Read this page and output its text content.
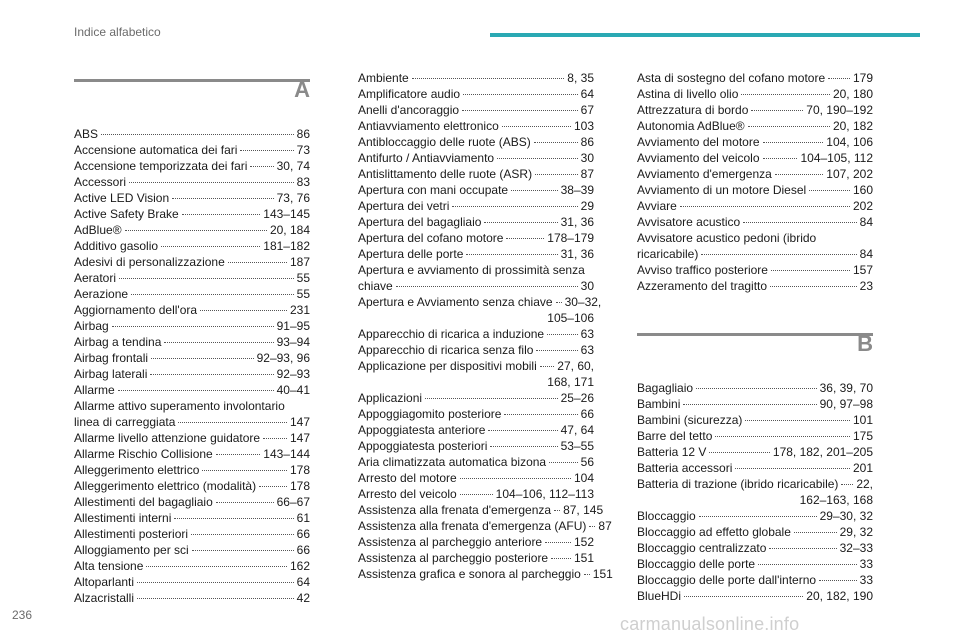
Indice alfabetico
A
ABS	86
Accensione automatica dei fari	73
Accensione temporizzata dei fari 30, 74
Accessori	83
Active LED Vision	73, 76
Active Safety Brake	143–145
AdBlue®	20, 184
Additivo gasolio	181–182
Adesivi di personalizzazione	187
Aeratori	55
Aerazione	55
Aggiornamento dell'ora	231
Airbag	91–95
Airbag a tendina	93–94
Airbag frontali	92–93, 96
Airbag laterali	92–93
Allarme	40–41
Allarme attivo superamento involontario
linea di carreggiata	147
Allarme livello attenzione guidatore 147
Allarme Rischio Collisione	143–144
Alleggerimento elettrico	178
Alleggerimento elettrico (modalità)	178
Allestimenti del bagagliaio	66–67
Allestimenti interni	61
Allestimenti posteriori	66
Alloggiamento per sci	66
Alta tensione	162
Altoparlanti	64
Alzacristalli	42
Ambiente	8, 35
Amplificatore audio	64
Anelli d'ancoraggio	67
Antiavviamento elettronico	103
Antibloccaggio delle ruote (ABS)	86
Antifurto / Antiavviamento	30
Antislittamento delle ruote (ASR)	87
Apertura con mani occupate	38–39
Apertura dei vetri	29
Apertura del bagagliaio	31, 36
Apertura del cofano motore	178–179
Apertura delle porte	31, 36
Apertura e avviamento di prossimità senza
chiave	30
Apertura e Avviamento senza chiave 30–32,
105–106
Apparecchio di ricarica a induzione	63
Apparecchio di ricarica senza filo	63
Applicazione per dispositivi mobili 27, 60,
168, 171
Applicazioni	25–26
Appoggiagomito posteriore	66
Appoggiatesta anteriore	47, 64
Appoggiatesta posteriori	53–55
Aria climatizzata automatica bizona	56
Arresto del motore	104
Arresto del veicolo	104–106, 112–113
Assistenza alla frenata d'emergenza 87, 145
Assistenza alla frenata d'emergenza (AFU) 87
Assistenza al parcheggio anteriore	152
Assistenza al parcheggio posteriore 151
Assistenza grafica e sonora al parcheggio 151
Asta di sostegno del cofano motore 179
Astina di livello olio	20, 180
Attrezzatura di bordo	70, 190–192
Autonomia AdBlue®	20, 182
Avviamento del motore	104, 106
Avviamento del veicolo	104–105, 112
Avviamento d'emergenza	107, 202
Avviamento di un motore Diesel	160
Avviare	202
Avvisatore acustico	84
Avvisatore acustico pedoni (ibrido
ricaricabile)	84
Avviso traffico posteriore	157
Azzeramento del tragitto	23
B
Bagagliaio	36, 39, 70
Bambini	90, 97–98
Bambini (sicurezza)	101
Barre del tetto	175
Batteria 12 V	178, 182, 201–205
Batteria accessori	201
Batteria di trazione (ibrido ricaricabile) 22,
162–163, 168
Bloccaggio	29–30, 32
Bloccaggio ad effetto globale	29, 32
Bloccaggio centralizzato	32–33
Bloccaggio delle porte	33
Bloccaggio delle porte dall'interno	33
BlueHDi	20, 182, 190
236	carmanualsonline.info
